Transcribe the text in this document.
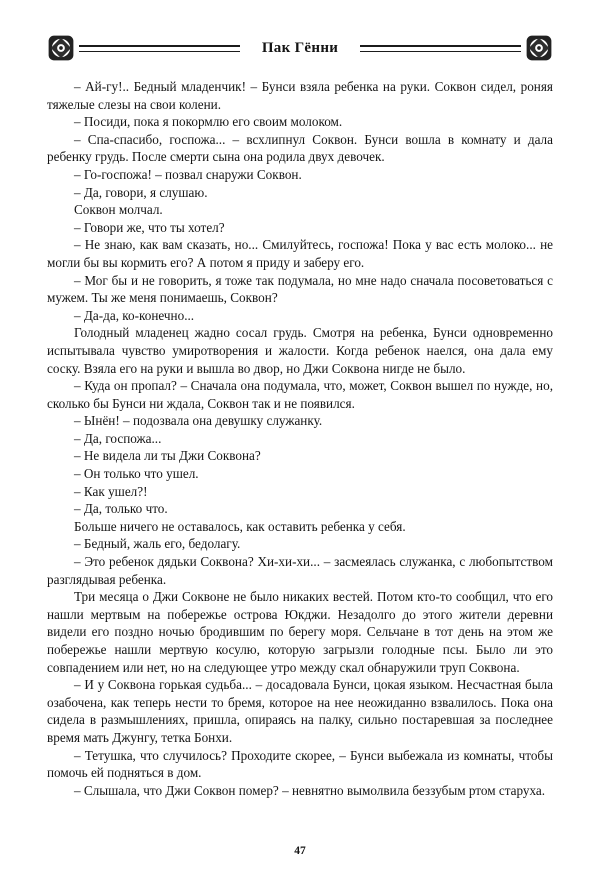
Пак Гённи

– Ай-гу!.. Бедный младенчик! – Бунси взяла ребенка на руки. Соквон сидел, роняя тяжелые слезы на свои колени.

– Посиди, пока я покормлю его своим молоком.

– Спа-спасибо, госпожа... – всхлипнул Соквон. Бунси вошла в комнату и дала ребенку грудь. После смерти сына она родила двух девочек.

– Го-госпожа! – позвал снаружи Соквон.

– Да, говори, я слушаю.

Соквон молчал.

– Говори же, что ты хотел?

– Не знаю, как вам сказать, но... Смилуйтесь, госпожа! Пока у вас есть молоко... не могли бы вы кормить его? А потом я приду и заберу его.

– Мог бы и не говорить, я тоже так подумала, но мне надо сначала посоветоваться с мужем. Ты же меня понимаешь, Соквон?

– Да-да, ко-конечно...

Голодный младенец жадно сосал грудь. Смотря на ребенка, Бунси одновременно испытывала чувство умиротворения и жалости. Когда ребенок наелся, она дала ему соску. Взяла его на руки и вышла во двор, но Джи Соквона нигде не было.

– Куда он пропал? – Сначала она подумала, что, может, Соквон вышел по нужде, но, сколько бы Бунси ни ждала, Соквон так и не появился.

– Ынён! – подозвала она девушку служанку.

– Да, госпожа...

– Не видела ли ты Джи Соквона?

– Он только что ушел.

– Как ушел?!

– Да, только что.

Больше ничего не оставалось, как оставить ребенка у себя.

– Бедный, жаль его, бедолагу.

– Это ребенок дядьки Соквона? Хи-хи-хи... – засмеялась служанка, с любопытством разглядывая ребенка.

Три месяца о Джи Соквоне не было никаких вестей. Потом кто-то сообщил, что его нашли мертвым на побережье острова Юкджи. Незадолго до этого жители деревни видели его поздно ночью бродившим по берегу моря. Сельчане в тот день на этом же побережье нашли мертвую косулю, которую загрызли голодные псы. Было ли это совпадением или нет, но на следующее утро между скал обнаружили труп Соквона.

– И у Соквона горькая судьба... – досадовала Бунси, цокая языком. Несчастная была озабочена, как теперь нести то бремя, которое на нее неожиданно взвалилось. Пока она сидела в размышлениях, пришла, опираясь на палку, сильно постаревшая за последнее время мать Джунгу, тетка Бонхи.

– Тетушка, что случилось? Проходите скорее, – Бунси выбежала из комнаты, чтобы помочь ей подняться в дом.

– Слышала, что Джи Соквон помер? – невнятно вымолвила беззубым ртом старуха.

47
